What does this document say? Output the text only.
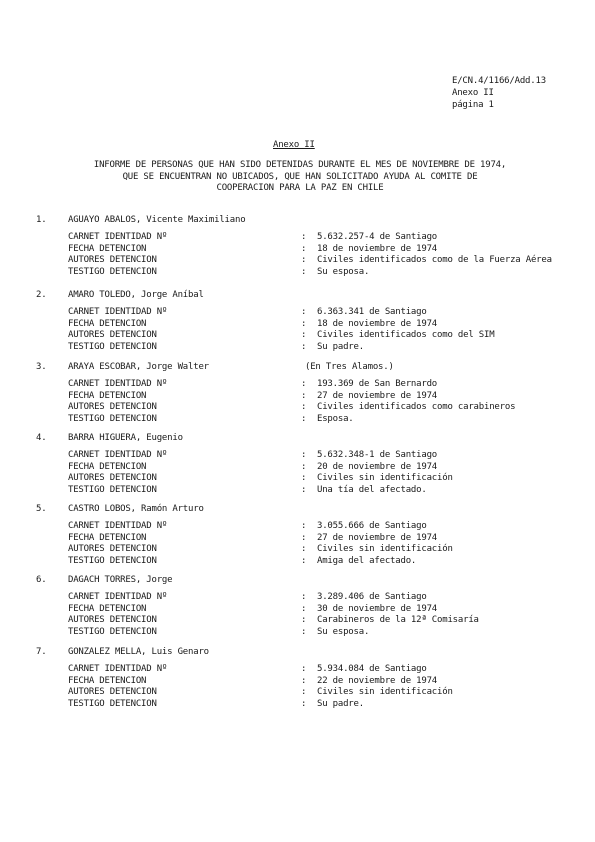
E/CN.4/1166/Add.13
Anexo II
página 1
Anexo II
INFORME DE PERSONAS QUE HAN SIDO DETENIDAS DURANTE EL MES DE NOVIEMBRE DE 1974,
QUE SE ENCUENTRAN NO UBICADOS, QUE HAN SOLICITADO AYUDA AL COMITE DE
COOPERACION PARA LA PAZ EN CHILE
1. AGUAYO ABALOS, Vicente Maximiliano
CARNET IDENTIDAD Nº	: 5.632.257-4 de Santiago
FECHA DETENCION	: 18 de noviembre de 1974
AUTORES DETENCION	: Civiles identificados como de la Fuerza Aérea
TESTIGO DETENCION	: Su esposa.
2. AMARO TOLEDO, Jorge Aníbal
CARNET IDENTIDAD Nº	: 6.363.341 de Santiago
FECHA DETENCION	: 18 de noviembre de 1974
AUTORES DETENCION	: Civiles identificados como del SIM
TESTIGO DETENCION	: Su padre.
3. ARAYA ESCOBAR, Jorge Walter	(En Tres Alamos.)
CARNET IDENTIDAD Nº	: 193.369 de San Bernardo
FECHA DETENCION	: 27 de noviembre de 1974
AUTORES DETENCION	: Civiles identificados como carabineros
TESTIGO DETENCION	: Esposa.
4. BARRA HIGUERA, Eugenio
CARNET IDENTIDAD Nº	: 5.632.348-1 de Santiago
FECHA DETENCION	: 20 de noviembre de 1974
AUTORES DETENCION	: Civiles sin identificación
TESTIGO DETENCION	: Una tía del afectado.
5. CASTRO LOBOS, Ramón Arturo
CARNET IDENTIDAD Nº	: 3.055.666 de Santiago
FECHA DETENCION	: 27 de noviembre de 1974
AUTORES DETENCION	: Civiles sin identificación
TESTIGO DETENCION	: Amiga del afectado.
6. DAGACH TORRES, Jorge
CARNET IDENTIDAD Nº	: 3.289.406 de Santiago
FECHA DETENCION	: 30 de noviembre de 1974
AUTORES DETENCION	: Carabineros de la 12ª Comisaría
TESTIGO DETENCION	: Su esposa.
7. GONZALEZ MELLA, Luis Genaro
CARNET IDENTIDAD Nº	: 5.934.084 de Santiago
FECHA DETENCION	: 22 de noviembre de 1974
AUTORES DETENCION	: Civiles sin identificación
TESTIGO DETENCION	: Su padre.
